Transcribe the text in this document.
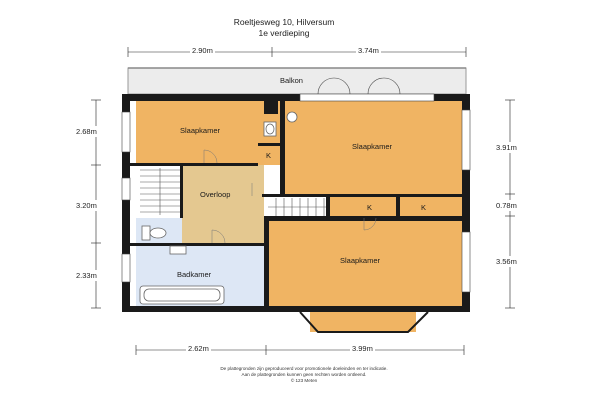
Roeltjesweg 10, Hilversum
1e verdieping
2.90m	3.74m
2.68m
3.20m
2.33m
3.91m
0.78m
3.56m
2.62m	3.99m
Balkon
Slaapkamer
Slaapkamer
Slaapkamer
Overloop
Badkamer
K
K	K
De plattegronden zijn geproduceerd voor promotionele doeleinden en ter indicatie.
Aan de plattegronden kunnen geen rechten worden ontleend.
© 123 Meten
